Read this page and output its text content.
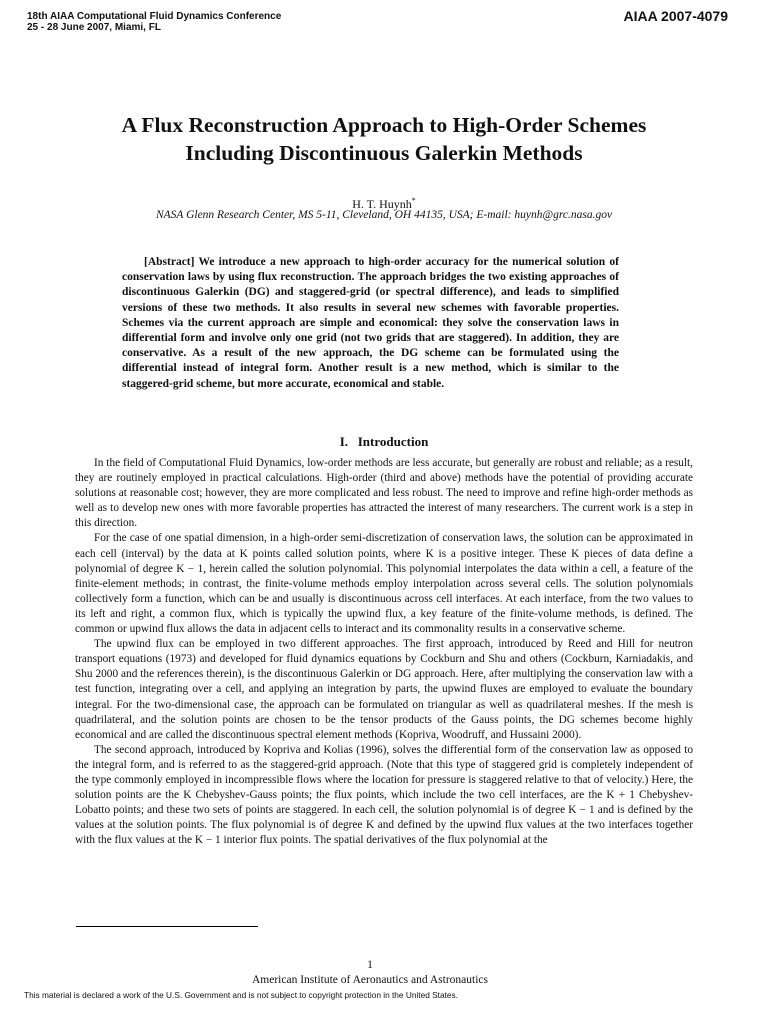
18th AIAA Computational Fluid Dynamics Conference
25 - 28 June 2007, Miami, FL
AIAA 2007-4079
A Flux Reconstruction Approach to High-Order Schemes
Including Discontinuous Galerkin Methods
H. T. Huynh*
NASA Glenn Research Center, MS 5-11, Cleveland, OH 44135, USA; E-mail: huynh@grc.nasa.gov

[Abstract] We introduce a new approach to high-order accuracy for the numerical solution of conservation laws by using flux reconstruction. The approach bridges the two existing approaches of discontinuous Galerkin (DG) and staggered-grid (or spectral difference), and leads to simplified versions of these two methods. It also results in several new schemes with favorable properties. Schemes via the current approach are simple and economical: they solve the conservation laws in differential form and involve only one grid (not two grids that are staggered). In addition, they are conservative. As a result of the new approach, the DG scheme can be formulated using the differential instead of integral form. Another result is a new method, which is similar to the staggered-grid scheme, but more accurate, economical and stable.

I. Introduction

In the field of Computational Fluid Dynamics, low-order methods are less accurate, but generally are robust and reliable; as a result, they are routinely employed in practical calculations. High-order (third and above) methods have the potential of providing accurate solutions at reasonable cost; however, they are more complicated and less robust. The need to improve and refine high-order methods as well as to develop new ones with more favorable properties has attracted the interest of many researchers. The current work is a step in this direction.

For the case of one spatial dimension, in a high-order semi-discretization of conservation laws, the solution can be approximated in each cell (interval) by the data at K points called solution points, where K is a positive integer. These K pieces of data define a polynomial of degree K − 1, herein called the solution polynomial. This polynomial interpolates the data within a cell, a feature of the finite-element methods; in contrast, the finite-volume methods employ interpolation across several cells. The solution polynomials collectively form a function, which can be and usually is discontinuous across cell interfaces. At each interface, from the two values to its left and right, a common flux, which is typically the upwind flux, a key feature of the finite-volume methods, is defined. The common or upwind flux allows the data in adjacent cells to interact and its commonality results in a conservative scheme.

The upwind flux can be employed in two different approaches. The first approach, introduced by Reed and Hill for neutron transport equations (1973) and developed for fluid dynamics equations by Cockburn and Shu and others (Cockburn, Karniadakis, and Shu 2000 and the references therein), is the discontinuous Galerkin or DG approach. Here, after multiplying the conservation law with a test function, integrating over a cell, and applying an integration by parts, the upwind fluxes are employed to evaluate the boundary integral. For the two-dimensional case, the approach can be formulated on triangular as well as quadrilateral meshes. If the mesh is quadrilateral, and the solution points are chosen to be the tensor products of the Gauss points, the DG schemes become highly economical and are called the discontinuous spectral element methods (Kopriva, Woodruff, and Hussaini 2000).

The second approach, introduced by Kopriva and Kolias (1996), solves the differential form of the conservation law as opposed to the integral form, and is referred to as the staggered-grid approach. (Note that this type of staggered grid is completely independent of the type commonly employed in incompressible flows where the location for pressure is staggered relative to that of velocity.) Here, the solution points are the K Chebyshev-Gauss points; the flux points, which include the two cell interfaces, are the K + 1 Chebyshev-Lobatto points; and these two sets of points are staggered. In each cell, the solution polynomial is of degree K − 1 and is defined by the values at the solution points. The flux polynomial is of degree K and defined by the upwind flux values at the two interfaces together with the flux values at the K − 1 interior flux points. The spatial derivatives of the flux polynomial at the

1
American Institute of Aeronautics and Astronautics
This material is declared a work of the U.S. Government and is not subject to copyright protection in the United States.
